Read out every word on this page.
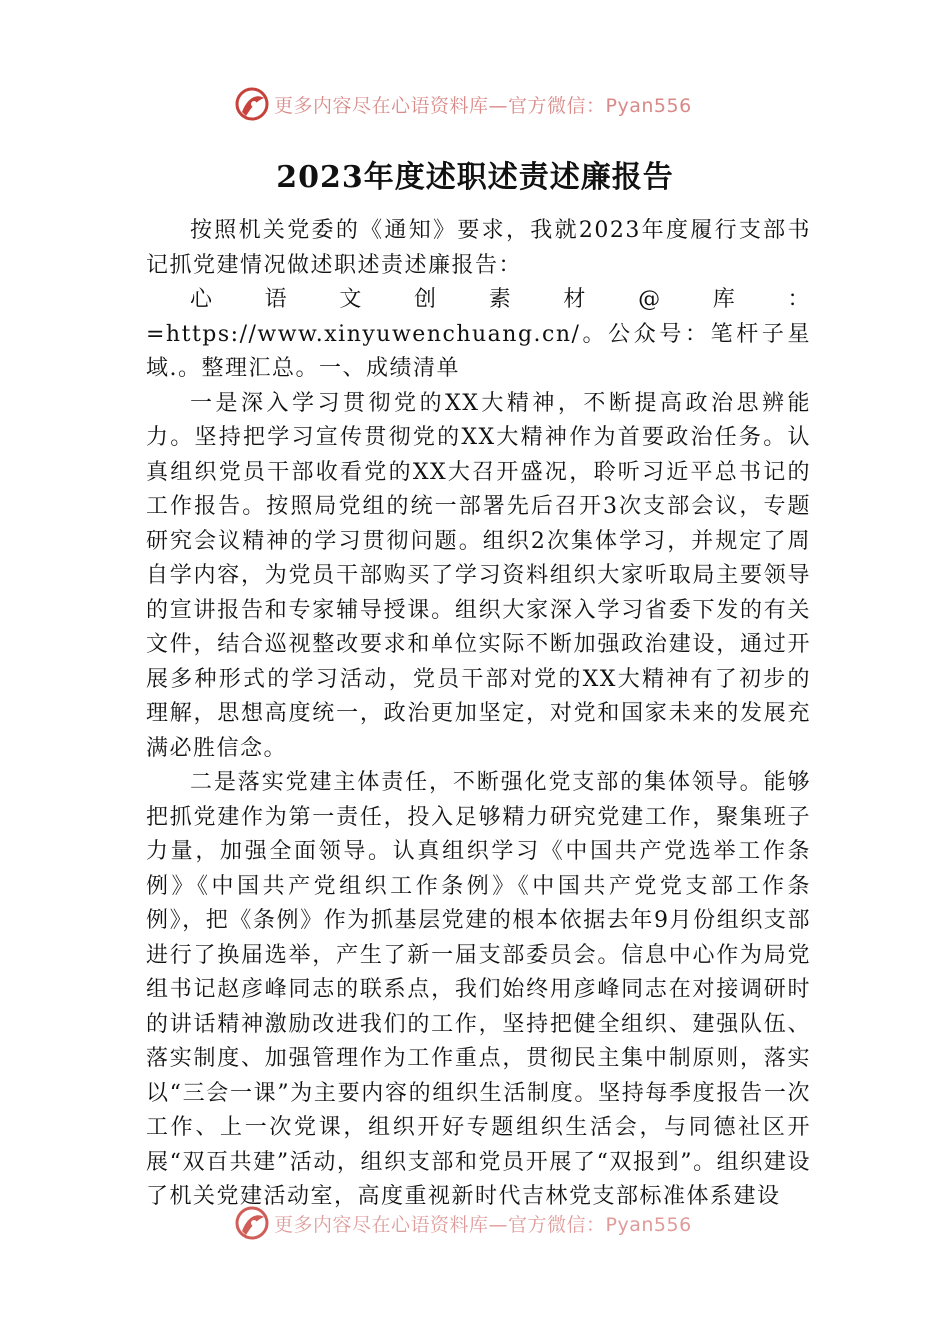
更多内容尽在心语资料库—官方微信：Pyan556
2023年度述职述责述廉报告

按照机关党委的《通知》要求，我就2023年度履行支部书记抓党建情况做述职述责述廉报告：

心语文创素材@库：=https://www.xinyuwenchuang.cn/。公众号：笔杆子星域.。整理汇总。一、成绩清单

一是深入学习贯彻党的XX大精神，不断提高政治思辨能力。坚持把学习宣传贯彻党的XX大精神作为首要政治任务。认真组织党员干部收看党的XX大召开盛况，聆听习近平总书记的工作报告。按照局党组的统一部署先后召开3次支部会议，专题研究会议精神的学习贯彻问题。组织2次集体学习，并规定了周自学内容，为党员干部购买了学习资料组织大家听取局主要领导的宣讲报告和专家辅导授课。组织大家深入学习省委下发的有关文件，结合巡视整改要求和单位实际不断加强政治建设，通过开展多种形式的学习活动，党员干部对党的XX大精神有了初步的理解，思想高度统一，政治更加坚定，对党和国家未来的发展充满必胜信念。

二是落实党建主体责任，不断强化党支部的集体领导。能够把抓党建作为第一责任，投入足够精力研究党建工作，聚集班子力量，加强全面领导。认真组织学习《中国共产党选举工作条例》《中国共产党组织工作条例》《中国共产党党支部工作条例》，把《条例》作为抓基层党建的根本依据去年9月份组织支部进行了换届选举，产生了新一届支部委员会。信息中心作为局党组书记赵彦峰同志的联系点，我们始终用彦峰同志在对接调研时的讲话精神激励改进我们的工作，坚持把健全组织、建强队伍、落实制度、加强管理作为工作重点，贯彻民主集中制原则，落实以“三会一课”为主要内容的组织生活制度。坚持每季度报告一次工作、上一次党课，组织开好专题组织生活会，与同德社区开展“双百共建”活动，组织支部和党员开展了“双报到”。组织建设了机关党建活动室，高度重视新时代吉林党支部标准体系建设

更多内容尽在心语资料库—官方微信：Pyan556
